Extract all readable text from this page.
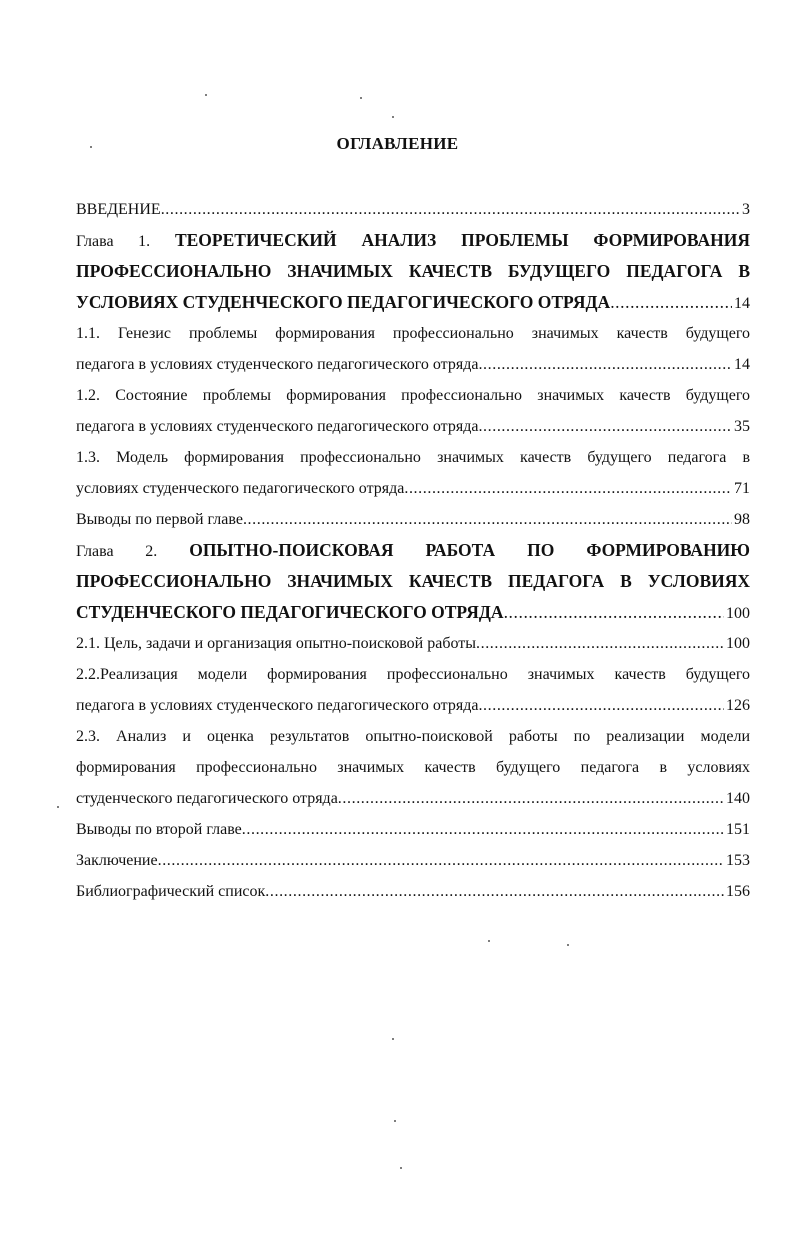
ОГЛАВЛЕНИЕ
ВВЕДЕНИЕ .....	3
Глава 1. ТЕОРЕТИЧЕСКИЙ АНАЛИЗ ПРОБЛЕМЫ ФОРМИРОВАНИЯ
ПРОФЕССИОНАЛЬНО ЗНАЧИМЫХ КАЧЕСТВ БУДУЩЕГО ПЕДАГОГА В
УСЛОВИЯХ СТУДЕНЧЕСКОГО ПЕДАГОГИЧЕСКОГО ОТРЯДА .....	14
1.1. Генезис проблемы формирования профессионально значимых качеств будущего
педагога в условиях студенческого педагогического отряда .....	14
1.2. Состояние проблемы формирования профессионально значимых качеств будущего
педагога в условиях студенческого педагогического отряда .....	35
1.3. Модель формирования профессионально значимых качеств будущего педагога в
условиях студенческого педагогического отряда .....	71
Выводы по первой главе .....	98
Глава 2. ОПЫТНО-ПОИСКОВАЯ РАБОТА ПО ФОРМИРОВАНИЮ
ПРОФЕССИОНАЛЬНО ЗНАЧИМЫХ КАЧЕСТВ ПЕДАГОГА В УСЛОВИЯХ
СТУДЕНЧЕСКОГО ПЕДАГОГИЧЕСКОГО ОТРЯДА .....	100
2.1. Цель, задачи и организация опытно-поисковой работы .....	100
2.2.Реализация модели формирования профессионально значимых качеств будущего
педагога в условиях студенческого педагогического отряда .....	126
2.3. Анализ и оценка результатов опытно-поисковой работы по реализации модели
формирования профессионально значимых качеств будущего педагога в условиях
студенческого педагогического отряда .....	140
Выводы по второй главе .....	151
Заключение .....	153
Библиографический список .....	156
